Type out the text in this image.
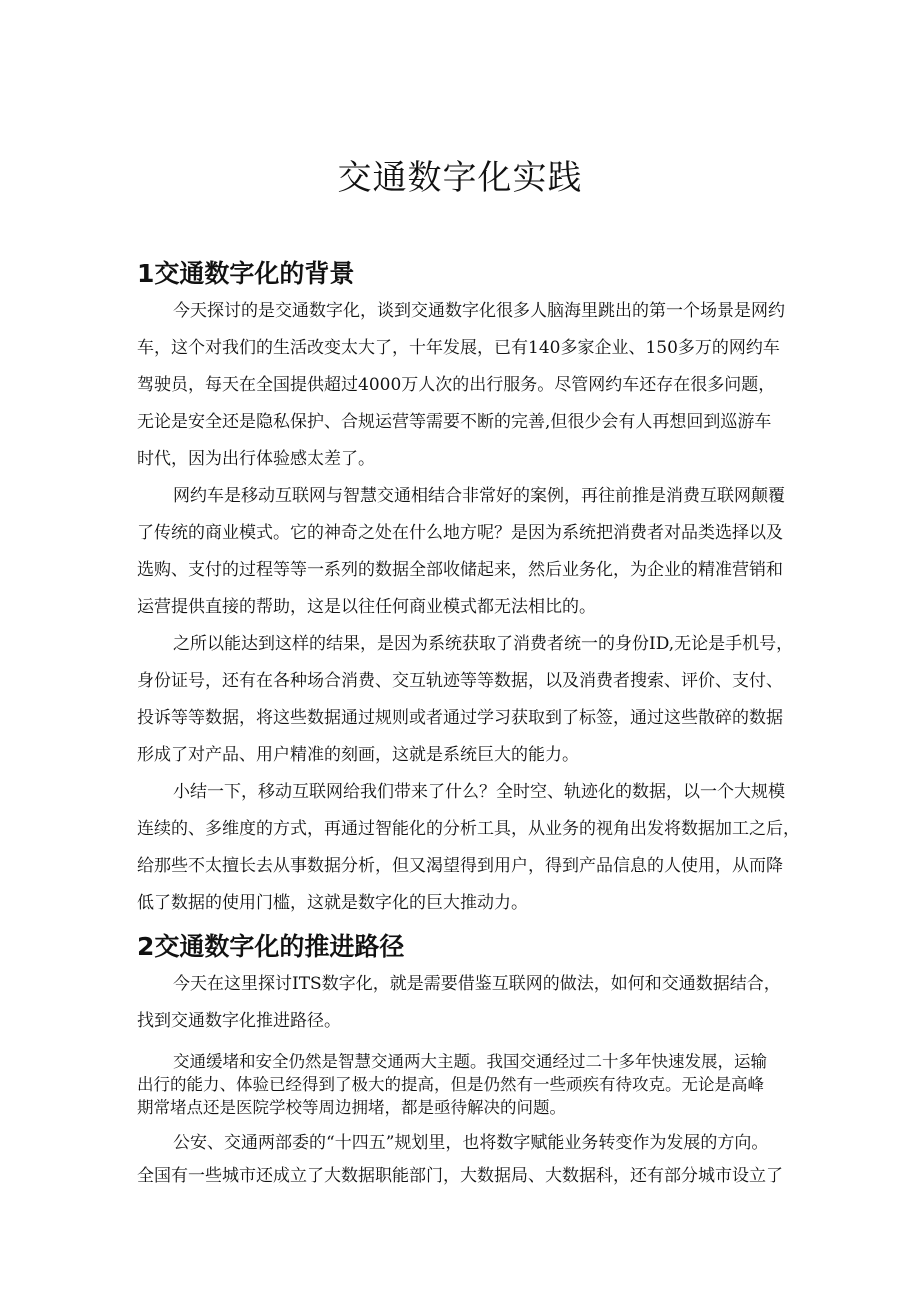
交通数字化实践
1交通数字化的背景

今天探讨的是交通数字化，谈到交通数字化很多人脑海里跳出的第一个场景是网约

车，这个对我们的生活改变太大了，十年发展，已有140多家企业、150多万的网约车

驾驶员，每天在全国提供超过4000万人次的出行服务。尽管网约车还存在很多问题，

无论是安全还是隐私保护、合规运营等需要不断的完善,但很少会有人再想回到巡游车

时代，因为出行体验感太差了。

网约车是移动互联网与智慧交通相结合非常好的案例，再往前推是消费互联网颠覆

了传统的商业模式。它的神奇之处在什么地方呢？是因为系统把消费者对品类选择以及

选购、支付的过程等等一系列的数据全部收储起来，然后业务化，为企业的精准营销和

运营提供直接的帮助，这是以往任何商业模式都无法相比的。

之所以能达到这样的结果，是因为系统获取了消费者统一的身份ID,无论是手机号，

身份证号，还有在各种场合消费、交互轨迹等等数据，以及消费者搜索、评价、支付、

投诉等等数据，将这些数据通过规则或者通过学习获取到了标签，通过这些散碎的数据

形成了对产品、用户精准的刻画，这就是系统巨大的能力。

小结一下，移动互联网给我们带来了什么？全时空、轨迹化的数据，以一个大规模

连续的、多维度的方式，再通过智能化的分析工具，从业务的视角出发将数据加工之后，

给那些不太擅长去从事数据分析，但又渴望得到用户，得到产品信息的人使用，从而降

低了数据的使用门槛，这就是数字化的巨大推动力。

2交通数字化的推进路径

今天在这里探讨ITS数字化，就是需要借鉴互联网的做法，如何和交通数据结合，

找到交通数字化推进路径。

交通缓堵和安全仍然是智慧交通两大主题。我国交通经过二十多年快速发展，运输

出行的能力、体验已经得到了极大的提高，但是仍然有一些顽疾有待攻克。无论是高峰

期常堵点还是医院学校等周边拥堵，都是亟待解决的问题。

公安、交通两部委的“十四五”规划里，也将数字赋能业务转变作为发展的方向。

全国有一些城市还成立了大数据职能部门，大数据局、大数据科，还有部分城市设立了
